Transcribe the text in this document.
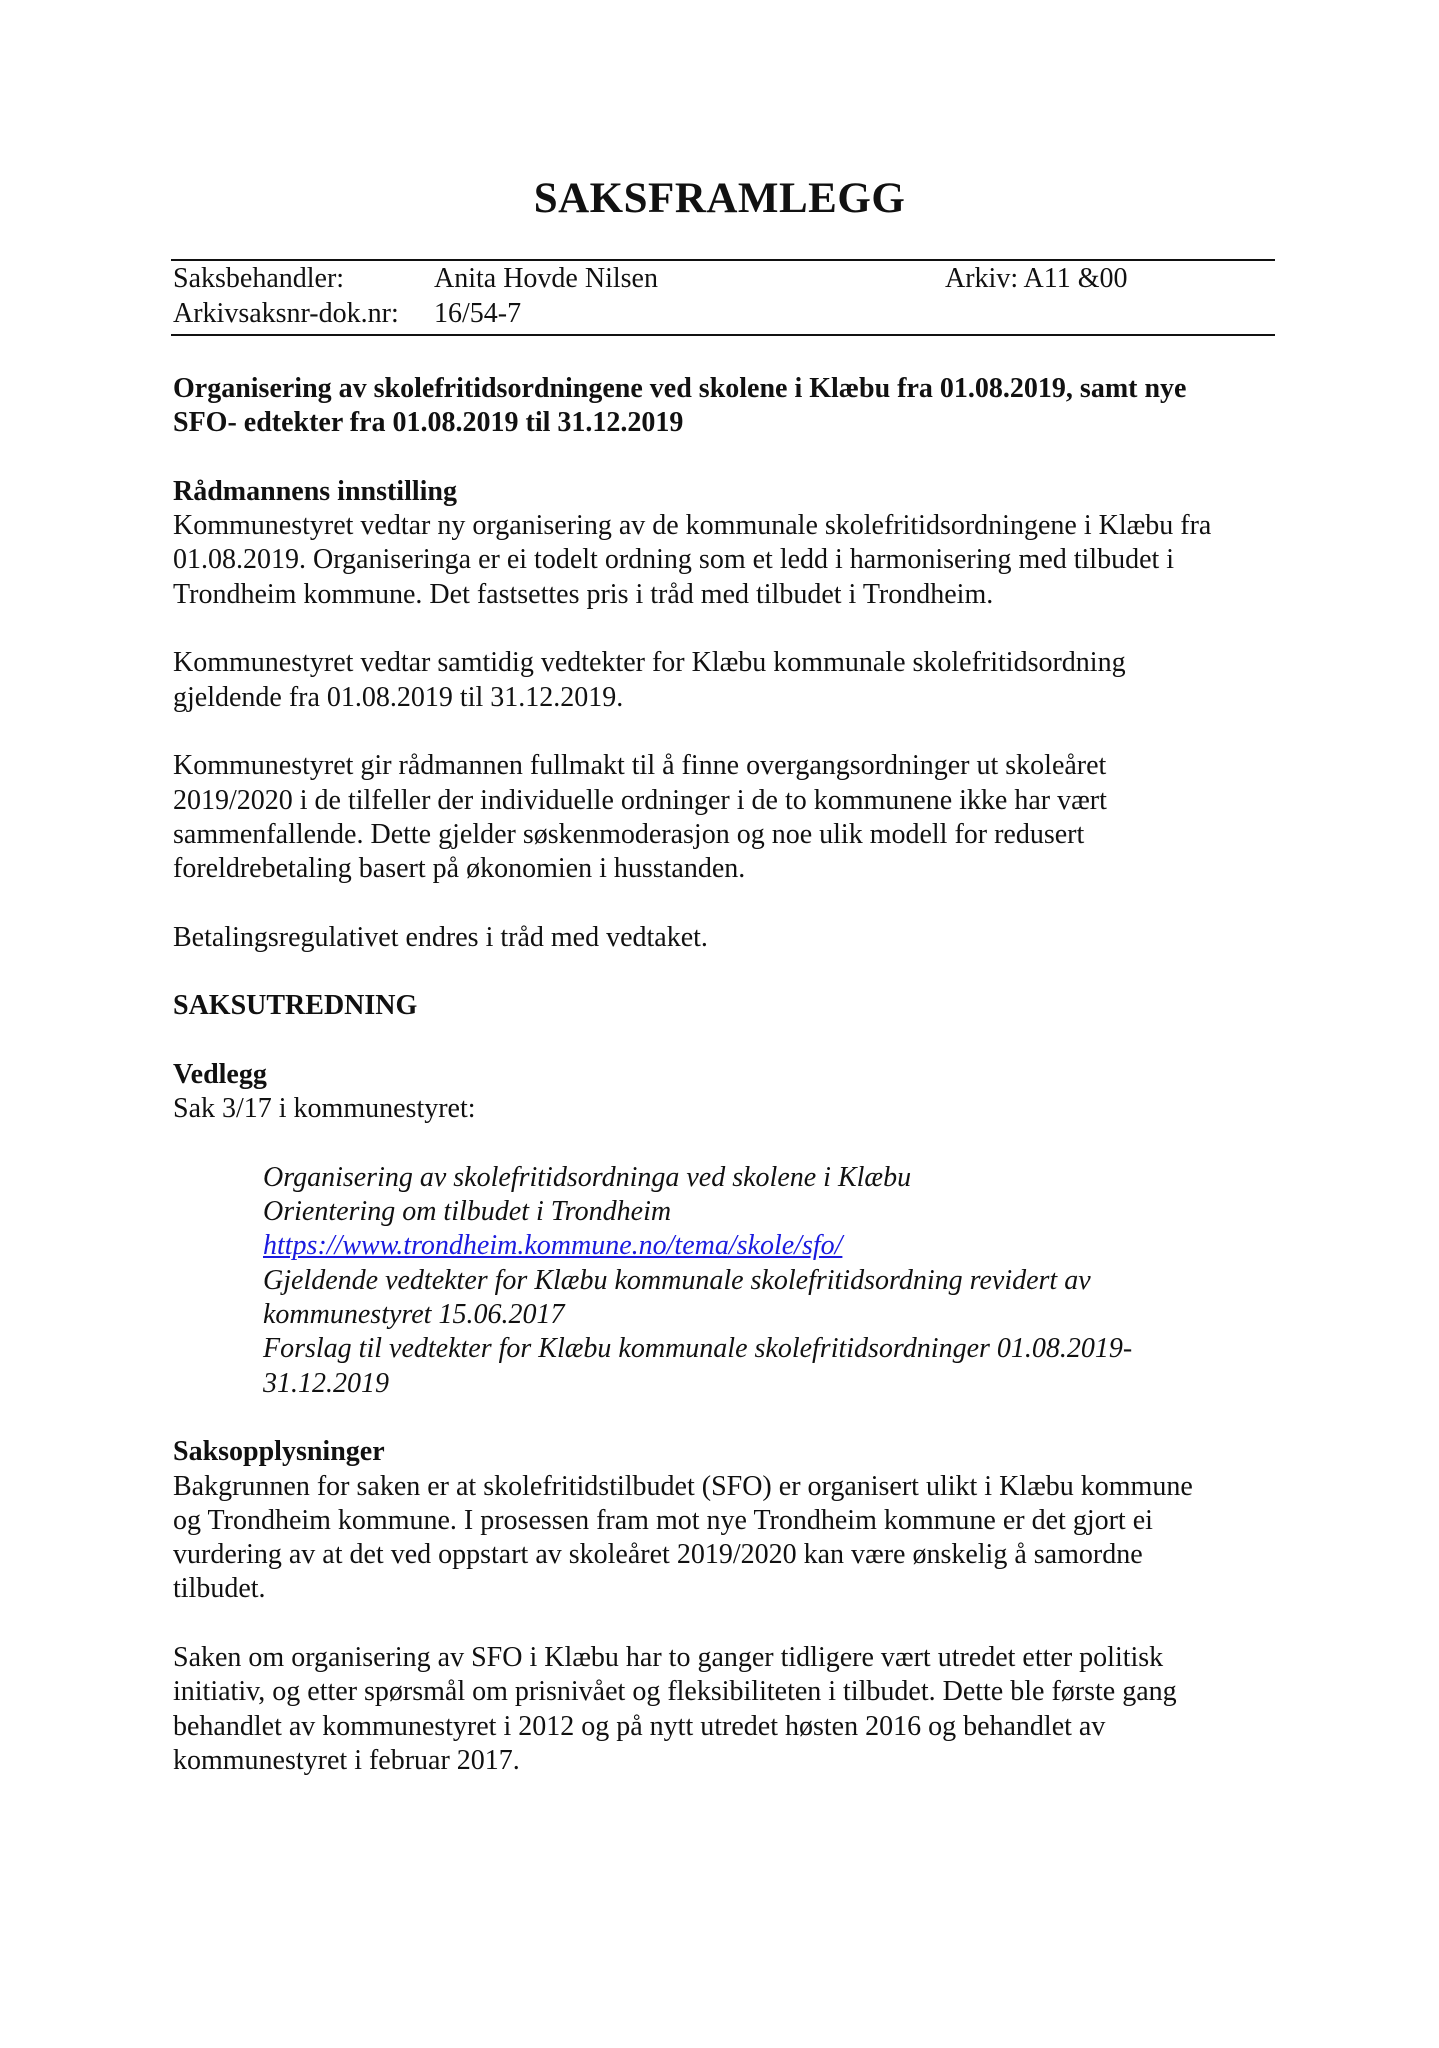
SAKSFRAMLEGG
Saksbehandler:	Anita Hovde Nilsen	Arkiv: A11 &00
Arkivsaksnr-dok.nr: 16/54-7

Organisering av skolefritidsordningene ved skolene i Klæbu fra 01.08.2019, samt nye

SFO- edtekter fra 01.08.2019 til 31.12.2019

Rådmannens innstilling

Kommunestyret vedtar ny organisering av de kommunale skolefritidsordningene i Klæbu fra

01.08.2019. Organiseringa er ei todelt ordning som et ledd i harmonisering med tilbudet i

Trondheim kommune. Det fastsettes pris i tråd med tilbudet i Trondheim.

Kommunestyret vedtar samtidig vedtekter for Klæbu kommunale skolefritidsordning

gjeldende fra 01.08.2019 til 31.12.2019.

Kommunestyret gir rådmannen fullmakt til å finne overgangsordninger ut skoleåret

2019/2020 i de tilfeller der individuelle ordninger i de to kommunene ikke har vært

sammenfallende. Dette gjelder søskenmoderasjon og noe ulik modell for redusert

foreldrebetaling basert på økonomien i husstanden.

Betalingsregulativet endres i tråd med vedtaket.

SAKSUTREDNING

Vedlegg

Sak 3/17 i kommunestyret:

Organisering av skolefritidsordninga ved skolene i Klæbu

Orientering om tilbudet i Trondheim

https://www.trondheim.kommune.no/tema/skole/sfo/

Gjeldende vedtekter for Klæbu kommunale skolefritidsordning revidert av

kommunestyret 15.06.2017

Forslag til vedtekter for Klæbu kommunale skolefritidsordninger 01.08.2019-

31.12.2019

Saksopplysninger

Bakgrunnen for saken er at skolefritidstilbudet (SFO) er organisert ulikt i Klæbu kommune

og Trondheim kommune. I prosessen fram mot nye Trondheim kommune er det gjort ei

vurdering av at det ved oppstart av skoleåret 2019/2020 kan være ønskelig å samordne

tilbudet.

Saken om organisering av SFO i Klæbu har to ganger tidligere vært utredet etter politisk

initiativ, og etter spørsmål om prisnivået og fleksibiliteten i tilbudet. Dette ble første gang

behandlet av kommunestyret i 2012 og på nytt utredet høsten 2016 og behandlet av

kommunestyret i februar 2017.
